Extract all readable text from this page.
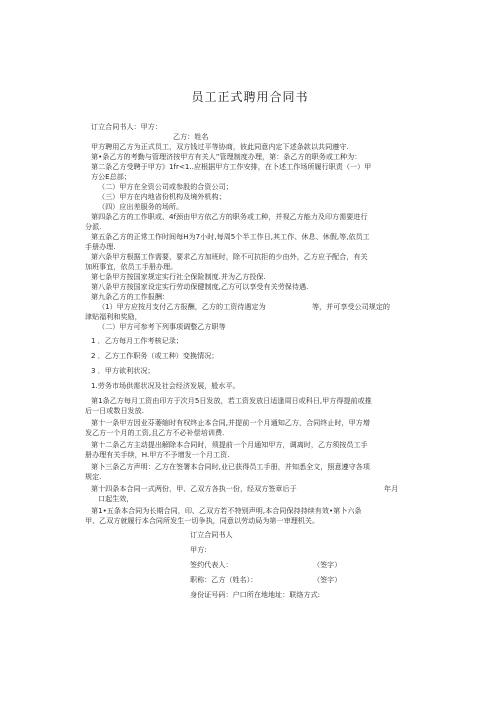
员工正式聘用合同书
订立合同书人：甲方：
乙方：姓名
甲方聘用乙方为正式员工，双方钱过平等协商，彼此同意内定下述条款以共同遵守.
第•条乙方的考勤与管理济按甲方有关人”管理制度办理，第：条乙方的职务或工种为：
第二条乙方受聘于甲方》1fr<1..应根据甲方工作安排，在卜述工作场所履行职责（一）甲
方公E总部；
（二）甲方在全资公司或参股的合资公司；
（三）甲方在内地省份机构及境外机构；
（四）应出差服务的场所。
第四条乙方的工作职或、4f颈由甲方依乙方的职务或工种，并视乙方能力及印方需要进行
分派.
第五条乙方的正常工作时间每H为7小时,每周5个半工作日,其工作、休息、休假,等,依员工
手册办理.
第六条甲方根据工作需要，要求乙方加班时，除不可抗拒的少由外，乙方应予配合，有关
加班事宜，依员工手册办理。
第七条甲方按国家规定实行社仝保险制度.并为乙方投保.
第八条甲方按国家设定实行劳动保健制度,乙方可以享受有关劳保待遇.
第九条乙方的工作报酬：
（1）甲方应按月支付乙方报酬，乙方的工资待遇定为	等，并可享受公司规定的
津贴福利和奖励，
（二）甲方可参考下列事项调整乙方职等
1 ．乙方每月工作考核记录；
2 ．乙方工作职务（或工种）变换情况；
3 ．甲方欲利状况；
1.劳务市场供需状况及社会经济发展，般水平。
第1条乙方每月工资由印方于次月5日发放，若工资发放日适逢周日或科日,甲方得提前或推
后一日或数日发放.
第十一条甲方因业芬萎缩时有权终止本合同,并提前一个月通知乙方，合同终止时，甲方增
发乙方一个月的工资,且乙方不必补偿培训费.
第十二条乙方主动提出解除本合同时，须提前一个月通知甲方，调离时，乙方须按员工手
册办理有关手续，H.甲方不予增发一个月工资.
第卜三条乙方声明：乙方在签署本合同时,业已获得员工手册，并知悉全文，照意遵守各项
规定.
第十四条本合同一式两份，甲、乙双方各执一份，经双方签章后于	年月
口起生效，
第1•五条本合同为长期合同，印、乙双方若不特别声明,本合同保持持续有效•第卜六条
甲、乙双方就履行本合同所发生一切争执，同意以劳动局为第一审理机关。
订立合同书人
甲方:
签约代表人：	（签字）
职称：乙方（姓名）：	（签字）
身份证号码：户口所在地地址：联络方式:
